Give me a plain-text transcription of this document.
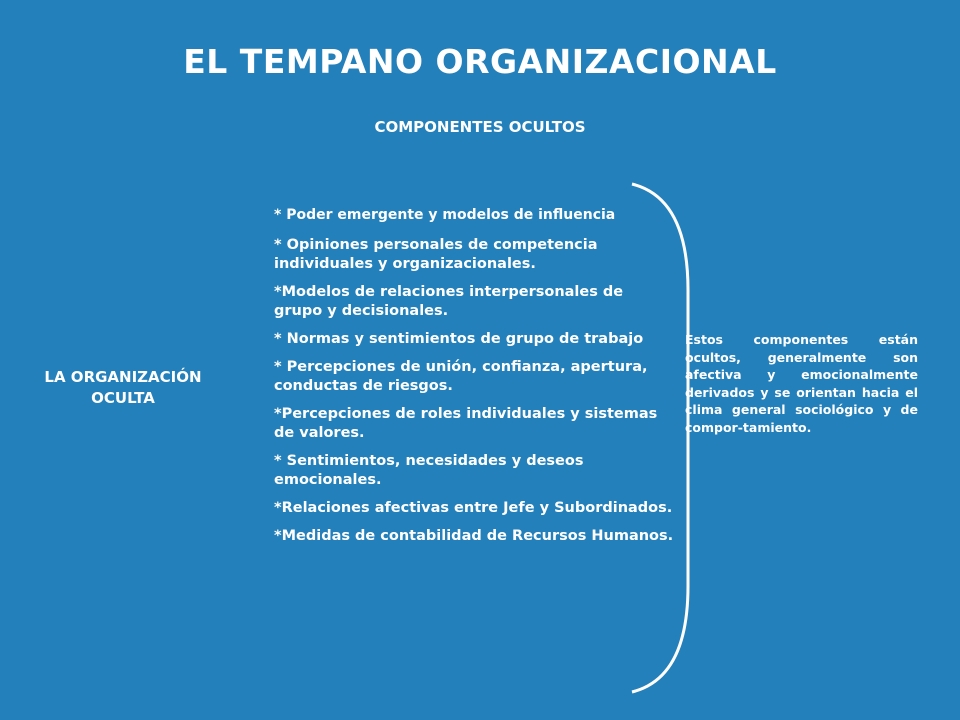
EL TEMPANO ORGANIZACIONAL
COMPONENTES OCULTOS
LA ORGANIZACIÓN OCULTA
* Poder emergente y modelos de influencia
* Opiniones personales de competencia individuales y organizacionales.
*Modelos de relaciones interpersonales de grupo y decisionales.
* Normas y sentimientos de grupo de trabajo
* Percepciones de unión, confianza, apertura, conductas de riesgos.
*Percepciones de roles individuales y sistemas de valores.
* Sentimientos, necesidades y deseos emocionales.
*Relaciones afectivas entre Jefe y Subordinados.
*Medidas de contabilidad de Recursos Humanos.
Estos componentes están ocultos, generalmente son afectiva y emocionalmente derivados y se orientan hacia el clima general sociológico y de compor-tamiento.
